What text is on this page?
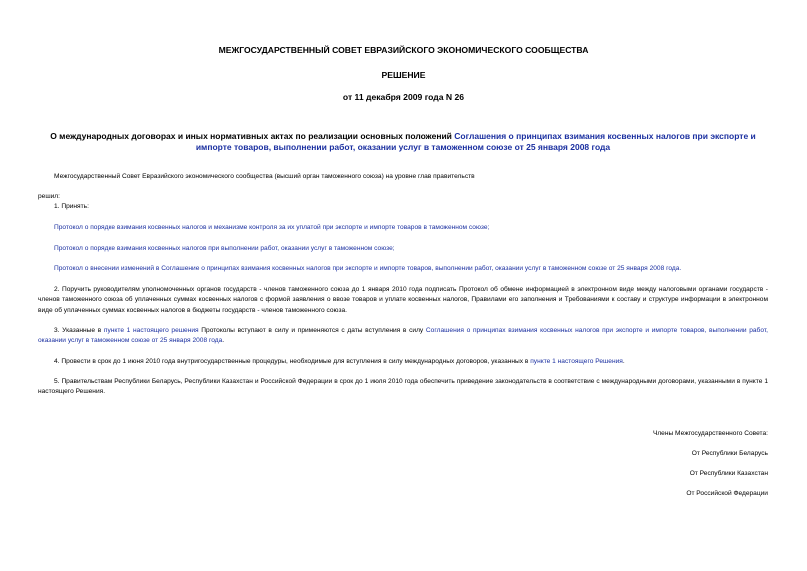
МЕЖГОСУДАРСТВЕННЫЙ СОВЕТ ЕВРАЗИЙСКОГО ЭКОНОМИЧЕСКОГО СООБЩЕСТВА
РЕШЕНИЕ
от 11 декабря 2009 года N 26
О международных договорах и иных нормативных актах по реализации основных положений Соглашения о принципах взимания косвенных налогов при экспорте и импорте товаров, выполнении работ, оказании услуг в таможенном союзе от 25 января 2008 года
Межгосударственный Совет Евразийского экономического сообщества (высший орган таможенного союза) на уровне глав правительств
решил:
1. Принять:
Протокол о порядке взимания косвенных налогов и механизме контроля за их уплатой при экспорте и импорте товаров в таможенном союзе;
Протокол о порядке взимания косвенных налогов при выполнении работ, оказании услуг в таможенном союзе;
Протокол о внесении изменений в Соглашение о принципах взимания косвенных налогов при экспорте и импорте товаров, выполнении работ, оказании услуг в таможенном союзе от 25 января 2008 года.
2. Поручить руководителям уполномоченных органов государств - членов таможенного союза до 1 января 2010 года подписать Протокол об обмене информацией в электронном виде между налоговыми органами государств - членов таможенного союза об уплаченных суммах косвенных налогов с формой заявления о ввозе товаров и уплате косвенных налогов, Правилами его заполнения и Требованиями к составу и структуре информации в электронном виде об уплаченных суммах косвенных налогов в бюджеты государств - членов таможенного союза.
3. Указанные в пункте 1 настоящего решения Протоколы вступают в силу и применяются с даты вступления в силу Соглашения о принципах взимания косвенных налогов при экспорте и импорте товаров, выполнении работ, оказании услуг в таможенном союзе от 25 января 2008 года.
4. Провести в срок до 1 июня 2010 года внутригосударственные процедуры, необходимые для вступления в силу международных договоров, указанных в пункте 1 настоящего Решения.
5. Правительствам Республики Беларусь, Республики Казахстан и Российской Федерации в срок до 1 июля 2010 года обеспечить приведение законодательств в соответствие с международными договорами, указанными в пункте 1 настоящего Решения.
Члены Межгосударственного Совета:
От Республики Беларусь
От Республики Казахстан
От Российской Федерации
